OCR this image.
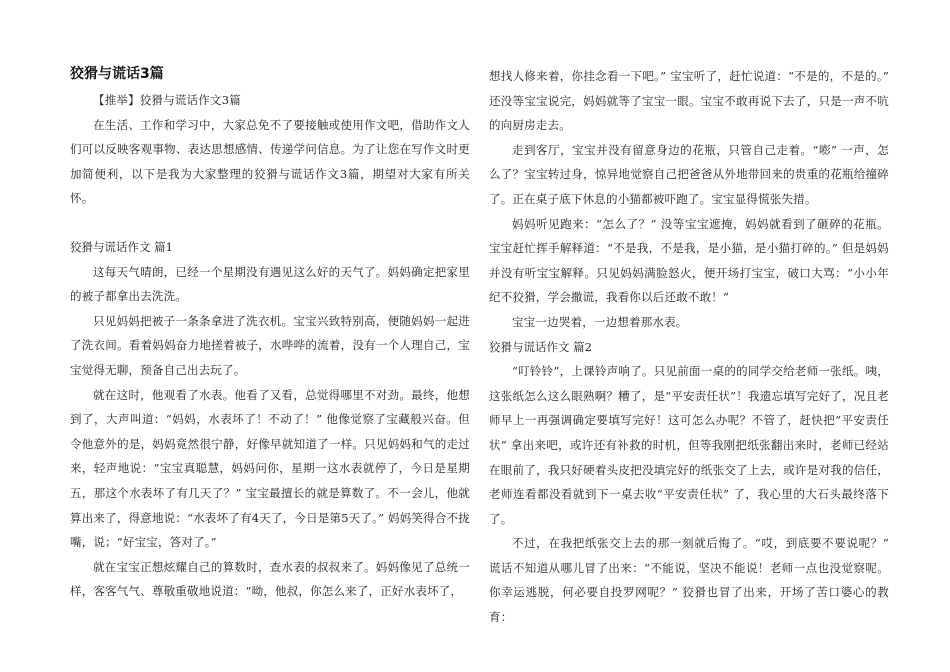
狡猾与谎话3篇

【推举】狡猾与谎话作文3篇

在生活、工作和学习中，大家总免不了要接触或使用作文吧，借助作文人们可以反映客观事物、表达思想感情、传递学问信息。为了让您在写作文时更加简便利，以下是我为大家整理的狡猾与谎话作文3篇，期望对大家有所关怀。

狡猾与谎话作文 篇1

这每天气晴朗，已经一个星期没有遇见这么好的天气了。妈妈确定把家里的被子都拿出去洗洗。

只见妈妈把被子一条条拿进了洗衣机。宝宝兴致特别高，便随妈妈一起进了洗衣间。看着妈妈奋力地搓着被子，水哗哗的流着，没有一个人理自己，宝宝觉得无聊，预备自己出去玩了。

就在这时，他观看了水表。他看了又看，总觉得哪里不对劲。最终，他想到了，大声叫道：“妈妈，水表坏了！不动了！” 他像觉察了宝藏般兴奋。但令他意外的是，妈妈竟然很宁静，好像早就知道了一样。只见妈妈和气的走过来，轻声地说：“宝宝真聪慧，妈妈问你，星期一这水表就停了，今日是星期五，那这个水表坏了有几天了？” 宝宝最擅长的就是算数了。不一会儿，他就算出来了，得意地说：“水表坏了有4天了，今日是第5天了。” 妈妈笑得合不拢嘴，说；“好宝宝，答对了。”

就在宝宝正想炫耀自己的算数时，查水表的叔叔来了。妈妈像见了总统一样，客客气气、尊敬重敬地说道：“呦，他叔，你怎么来了，正好水表坏了，

想找人修来着，你挂念看一下吧。” 宝宝听了，赶忙说道：“不是的，不是的。” 还没等宝宝说完，妈妈就等了宝宝一眼。宝宝不敢再说下去了，只是一声不吭的向厨房走去。

走到客厅，宝宝并没有留意身边的花瓶，只管自己走着。“嘭” 一声，怎么了？宝宝转过身，惊异地觉察自己把爸爸从外地带回来的贵重的花瓶给撞碎了。正在桌子底下休息的小猫都被吓跑了。宝宝显得慌张失措。

妈妈听见跑来：“怎么了？” 没等宝宝遮掩，妈妈就看到了砸碎的花瓶。宝宝赶忙挥手解释道：“不是我，不是我，是小猫，是小猫打碎的。” 但是妈妈并没有听宝宝解释。只见妈妈满脸怒火，便开场打宝宝，破口大骂：“小小年纪不狡猾，学会撒谎，我看你以后还敢不敢！”

宝宝一边哭着，一边想着那水表。

狡猾与谎话作文 篇2

“叮铃铃”，上课铃声响了。只见前面一桌的的同学交给老师一张纸。咦，这张纸怎么这么眼熟啊？糟了，是“平安责任状”！我遗忘填写完好了，况且老师早上一再强调确定要填写完好！这可怎么办呢？不管了，赶快把“平安责任状” 拿出来吧，或许还有补救的时机，但等我刚把纸张翻出来时，老师已经站在眼前了，我只好硬着头皮把没填完好的纸张交了上去，或许是对我的信任，老师连看都没看就到下一桌去收“平安责任状” 了，我心里的大石头最终落下了。

不过，在我把纸张交上去的那一刻就后悔了。“哎，到底要不要说呢？” 谎话不知道从哪儿冒了出来：“不能说，坚决不能说！老师一点也没觉察呢。你幸运逃脱，何必要自投罗网呢？” 狡猾也冒了出来，开场了苦口婆心的教育：
